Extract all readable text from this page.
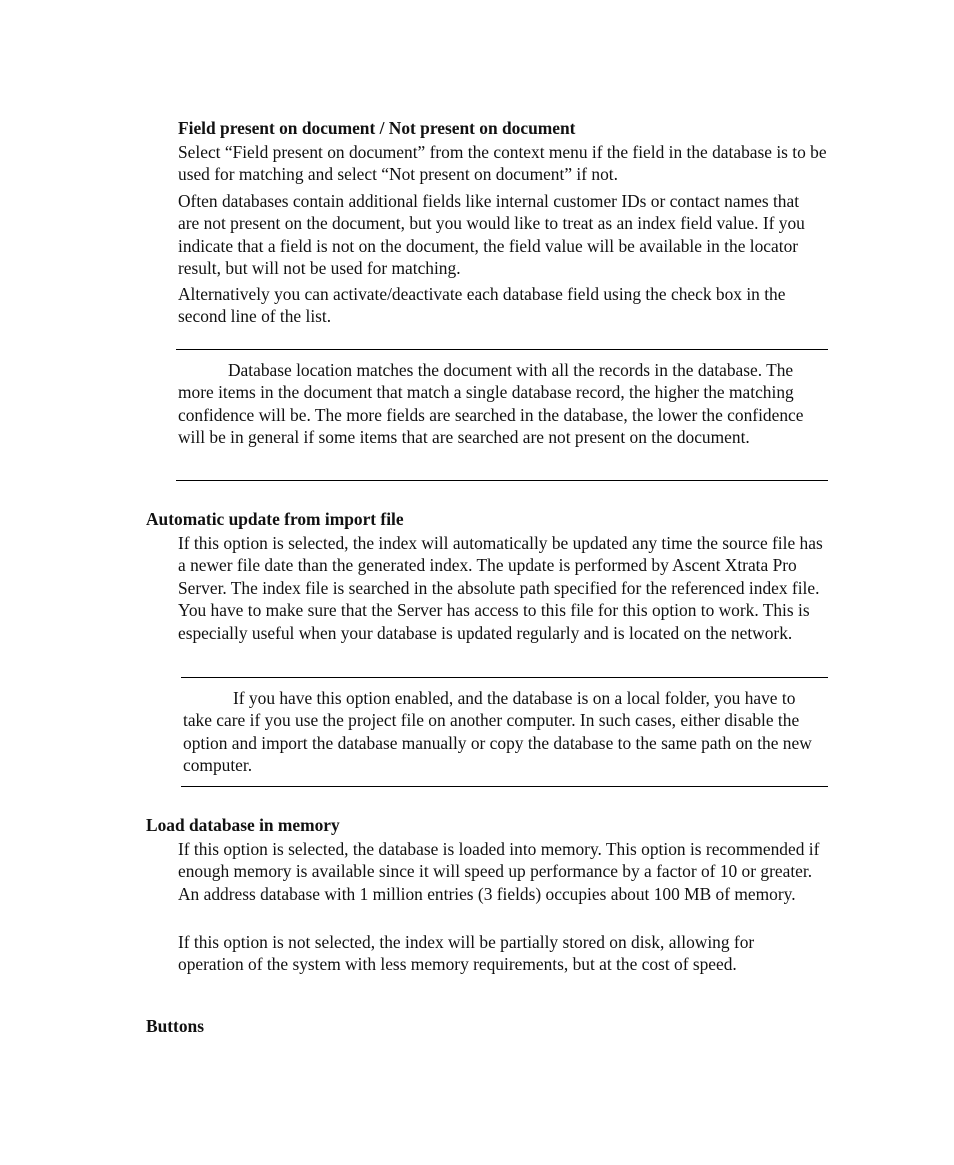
Field present on document / Not present on document

Select “Field present on document” from the context menu if the field in the database is to be used for matching and select “Not present on document” if not.

Often databases contain additional fields like internal customer IDs or contact names that are not present on the document, but you would like to treat as an index field value. If you indicate that a field is not on the document, the field value will be available in the locator result, but will not be used for matching.

Alternatively you can activate/deactivate each database field using the check box in the second line of the list.

Database location matches the document with all the records in the database. The more items in the document that match a single database record, the higher the matching confidence will be. The more fields are searched in the database, the lower the confidence will be in general if some items that are searched are not present on the document.

Automatic update from import file

If this option is selected, the index will automatically be updated any time the source file has a newer file date than the generated index. The update is performed by Ascent Xtrata Pro Server. The index file is searched in the absolute path specified for the referenced index file. You have to make sure that the Server has access to this file for this option to work. This is especially useful when your database is updated regularly and is located on the network.

If you have this option enabled, and the database is on a local folder, you have to take care if you use the project file on another computer. In such cases, either disable the option and import the database manually or copy the database to the same path on the new computer.

Load database in memory

If this option is selected, the database is loaded into memory. This option is recommended if enough memory is available since it will speed up performance by a factor of 10 or greater. An address database with 1 million entries (3 fields) occupies about 100 MB of memory.

If this option is not selected, the index will be partially stored on disk, allowing for operation of the system with less memory requirements, but at the cost of speed.

Buttons
